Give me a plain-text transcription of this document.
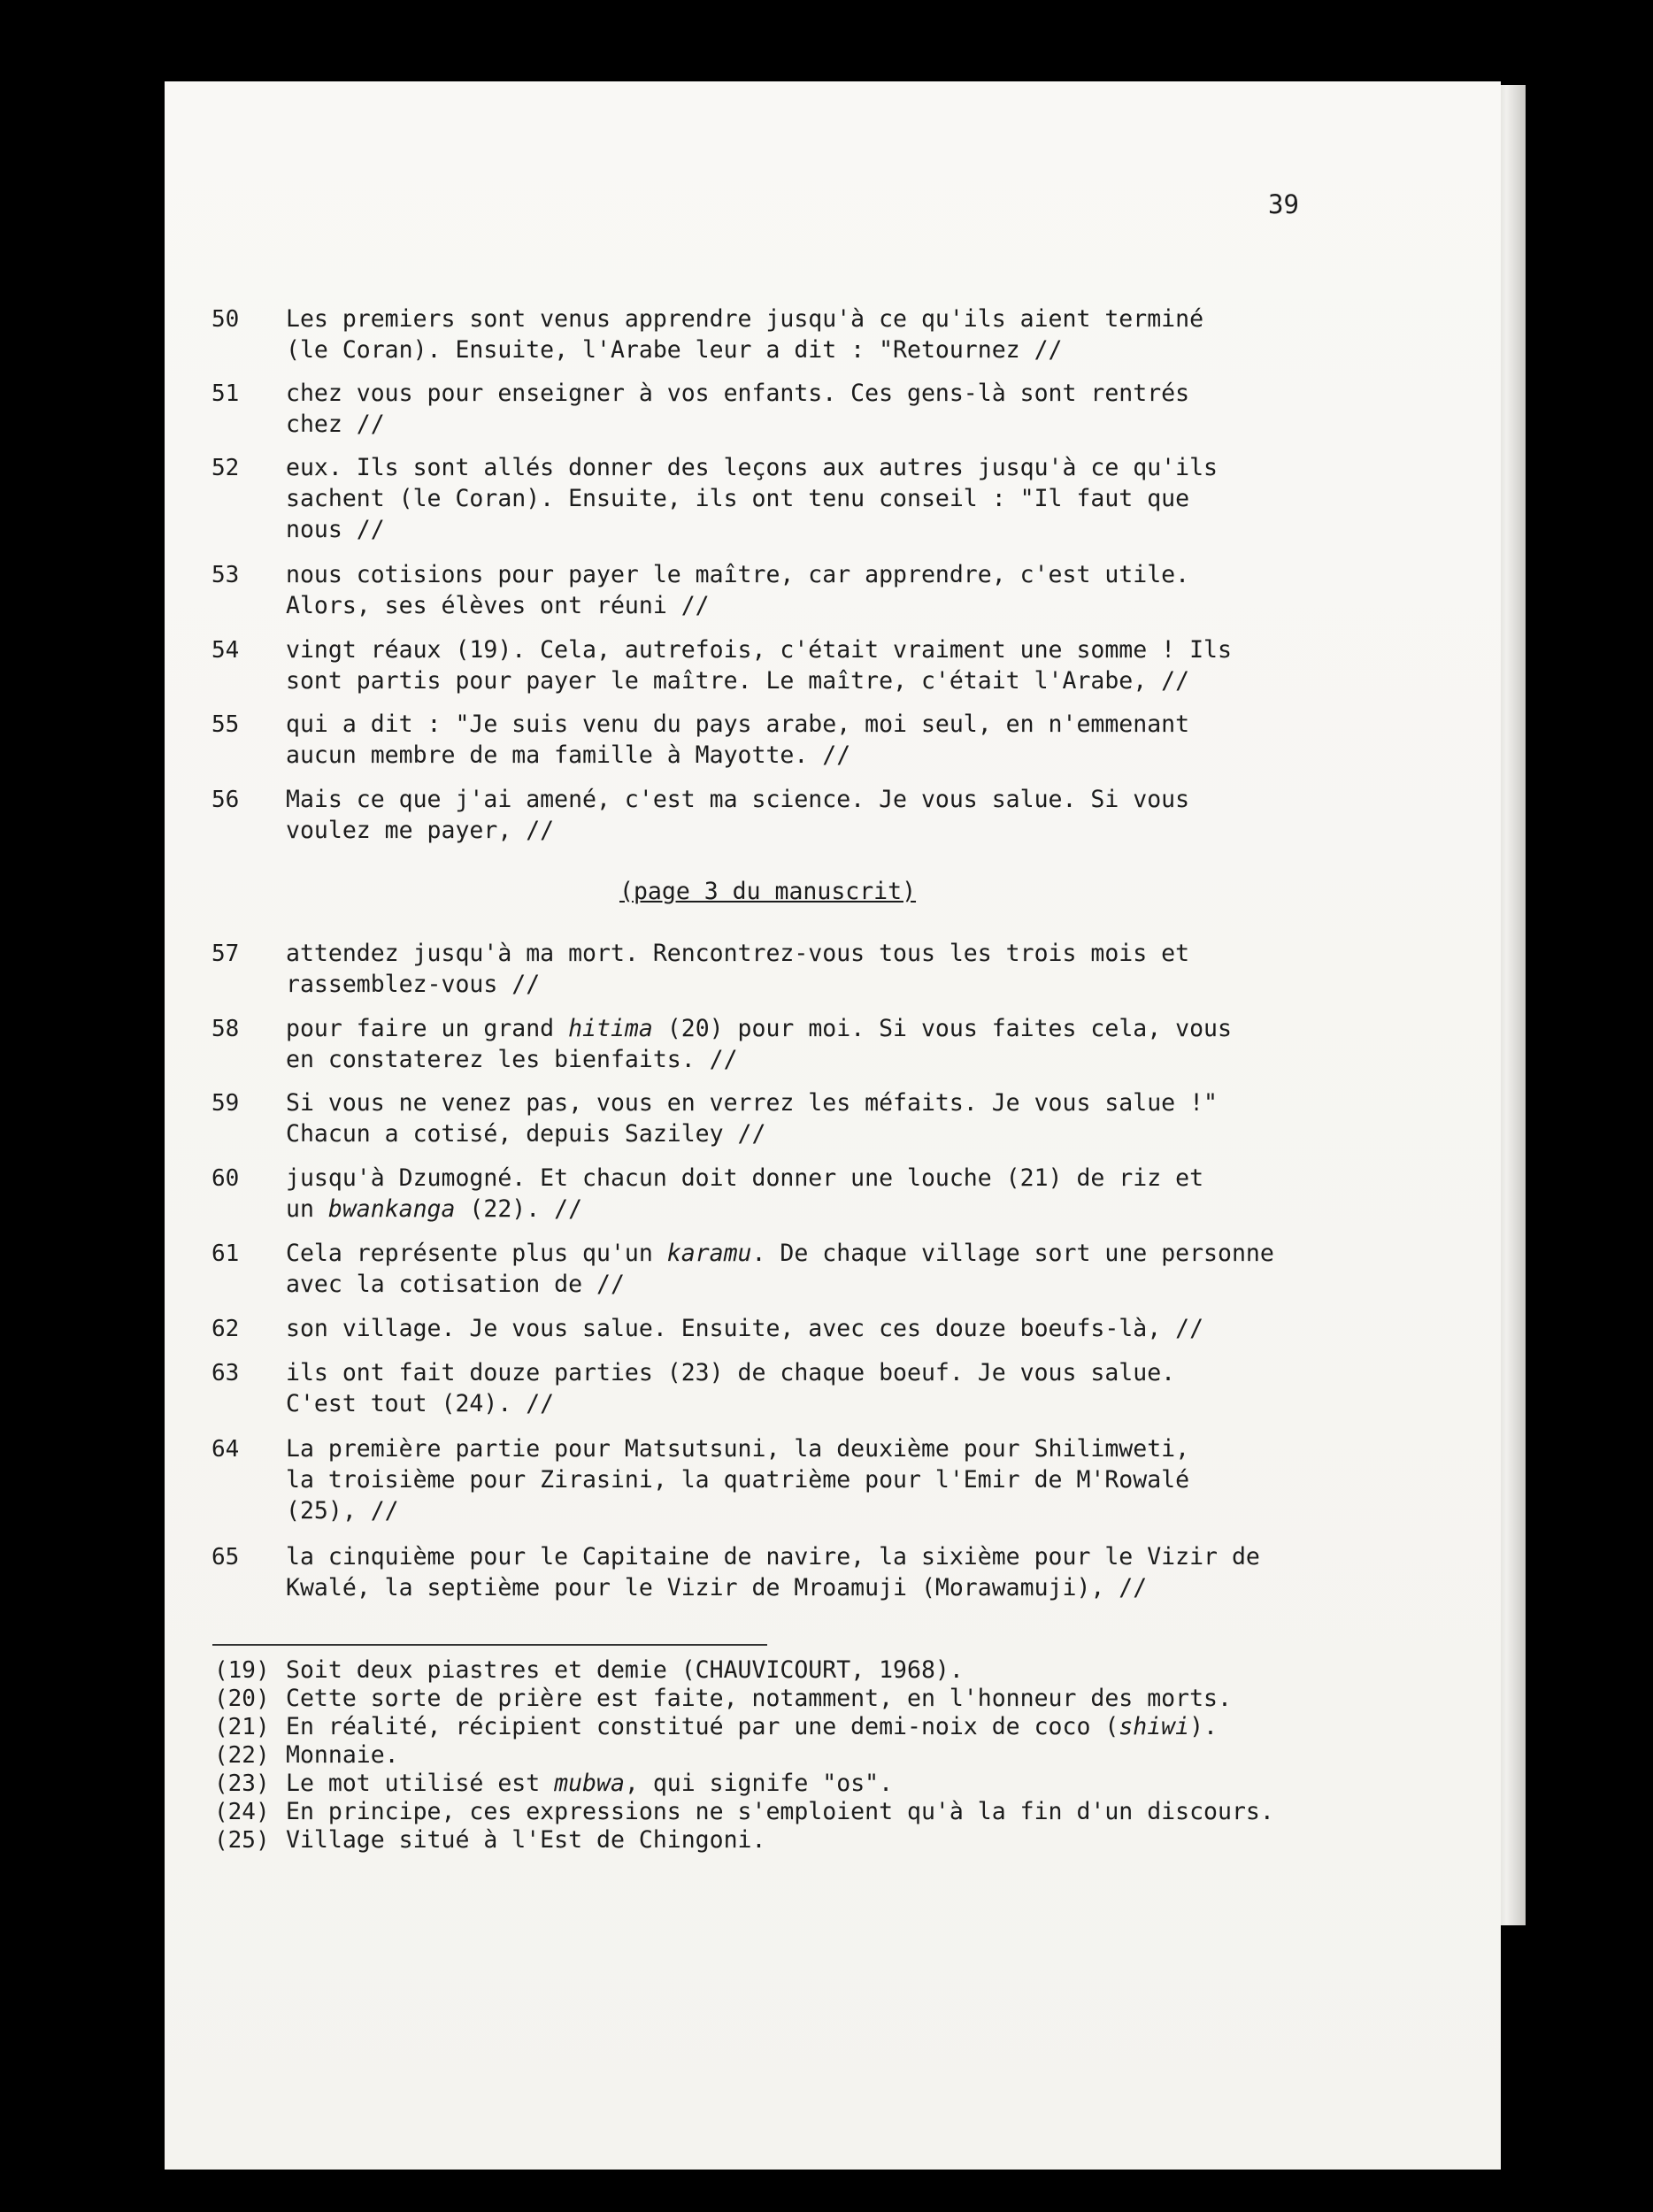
39
50 Les premiers sont venus apprendre jusqu'à ce qu'ils aient terminé
(le Coran). Ensuite, l'Arabe leur a dit : "Retournez //
51 chez vous pour enseigner à vos enfants. Ces gens-là sont rentrés
chez //
52 eux. Ils sont allés donner des leçons aux autres jusqu'à ce qu'ils
sachent (le Coran). Ensuite, ils ont tenu conseil : "Il faut que
nous //
53 nous cotisions pour payer le maître, car apprendre, c'est utile.
Alors, ses élèves ont réuni //
54 vingt réaux (19). Cela, autrefois, c'était vraiment une somme ! Ils
sont partis pour payer le maître. Le maître, c'était l'Arabe, //
55 qui a dit : "Je suis venu du pays arabe, moi seul, en n'emmenant
aucun membre de ma famille à Mayotte. //
56 Mais ce que j'ai amené, c'est ma science. Je vous salue. Si vous
voulez me payer, //
(page 3 du manuscrit)
57 attendez jusqu'à ma mort. Rencontrez-vous tous les trois mois et
rassemblez-vous //
58 pour faire un grand hitima (20) pour moi. Si vous faites cela, vous
en constaterez les bienfaits. //
59 Si vous ne venez pas, vous en verrez les méfaits. Je vous salue !"
Chacun a cotisé, depuis Saziley //
60 jusqu'à Dzumogné. Et chacun doit donner une louche (21) de riz et
un bwankanga (22). //
61 Cela représente plus qu'un karamu. De chaque village sort une personne
avec la cotisation de //
62 son village. Je vous salue. Ensuite, avec ces douze boeufs-là, //
63 ils ont fait douze parties (23) de chaque boeuf. Je vous salue.
C'est tout (24). //
64 La première partie pour Matsutsuni, la deuxième pour Shilimweti,
la troisième pour Zirasini, la quatrième pour l'Emir de M'Rowalé
(25), //
65 la cinquième pour le Capitaine de navire, la sixième pour le Vizir de
Kwalé, la septième pour le Vizir de Mroamuji (Morawamuji), //
(19) Soit deux piastres et demie (CHAUVICOURT, 1968).
(20) Cette sorte de prière est faite, notamment, en l'honneur des morts.
(21) En réalité, récipient constitué par une demi-noix de coco (shiwi).
(22) Monnaie.
(23) Le mot utilisé est mubwa, qui signife "os".
(24) En principe, ces expressions ne s'emploient qu'à la fin d'un discours.
(25) Village situé à l'Est de Chingoni.
